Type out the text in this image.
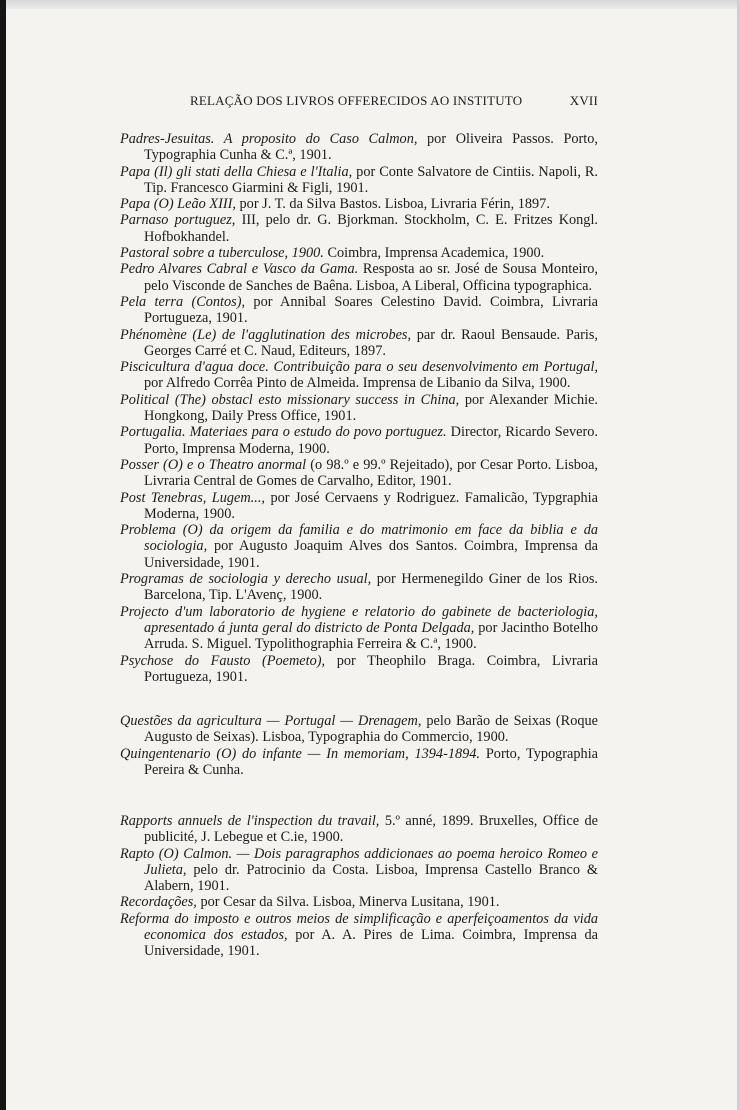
RELAÇÃO DOS LIVROS OFFERECIDOS AO INSTITUTO	XVII

Padres-Jesuitas. A proposito do Caso Calmon, por Oliveira Passos. Porto, Typographia Cunha & C.ª, 1901.

Papa (Il) gli stati della Chiesa e l'Italia, por Conte Salvatore de Cintiis. Napoli, R. Tip. Francesco Giarmini & Figli, 1901.

Papa (O) Leão XIII, por J. T. da Silva Bastos. Lisboa, Livraria Férin, 1897.

Parnaso portuguez, III, pelo dr. G. Bjorkman. Stockholm, C. E. Fritzes Kongl. Hofbokhandel.

Pastoral sobre a tuberculose, 1900. Coimbra, Imprensa Academica, 1900.

Pedro Alvares Cabral e Vasco da Gama. Resposta ao sr. José de Sousa Monteiro, pelo Visconde de Sanches de Baêna. Lisboa, A Liberal, Officina typographica.

Pela terra (Contos), por Annibal Soares Celestino David. Coimbra, Livraria Portugueza, 1901.

Phénomène (Le) de l'agglutination des microbes, par dr. Raoul Bensaude. Paris, Georges Carré et C. Naud, Editeurs, 1897.

Piscicultura d'agua doce. Contribuição para o seu desenvolvimento em Portugal, por Alfredo Corrêa Pinto de Almeida. Imprensa de Libanio da Silva, 1900.

Political (The) obstacl esto missionary success in China, por Alexander Michie. Hongkong, Daily Press Office, 1901.

Portugalia. Materiaes para o estudo do povo portuguez. Director, Ricardo Severo. Porto, Imprensa Moderna, 1900.

Posser (O) e o Theatro anormal (o 98.º e 99.º Rejeitado), por Cesar Porto. Lisboa, Livraria Central de Gomes de Carvalho, Editor, 1901.

Post Tenebras, Lugem..., por José Cervaens y Rodriguez. Famalicão, Typgraphia Moderna, 1900.

Problema (O) da origem da familia e do matrimonio em face da biblia e da sociologia, por Augusto Joaquim Alves dos Santos. Coimbra, Imprensa da Universidade, 1901.

Programas de sociologia y derecho usual, por Hermenegildo Giner de los Rios. Barcelona, Tip. L'Avenç, 1900.

Projecto d'um laboratorio de hygiene e relatorio do gabinete de bacteriologia, apresentado á junta geral do districto de Ponta Delgada, por Jacintho Botelho Arruda. S. Miguel. Typolithographia Ferreira & C.ª, 1900.

Psychose do Fausto (Poemeto), por Theophilo Braga. Coimbra, Livraria Portugueza, 1901.

Questões da agricultura — Portugal — Drenagem, pelo Barão de Seixas (Roque Augusto de Seixas). Lisboa, Typographia do Commercio, 1900.

Quingentenario (O) do infante — In memoriam, 1394-1894. Porto, Typographia Pereira & Cunha.

Rapports annuels de l'inspection du travail, 5.º anné, 1899. Bruxelles, Office de publicité, J. Lebegue et C.ie, 1900.

Rapto (O) Calmon. — Dois paragraphos addicionaes ao poema heroico Romeo e Julieta, pelo dr. Patrocinio da Costa. Lisboa, Imprensa Castello Branco & Alabern, 1901.

Recordações, por Cesar da Silva. Lisboa, Minerva Lusitana, 1901.

Reforma do imposto e outros meios de simplificação e aperfeiçoamentos da vida economica dos estados, por A. A. Pires de Lima. Coimbra, Imprensa da Universidade, 1901.
